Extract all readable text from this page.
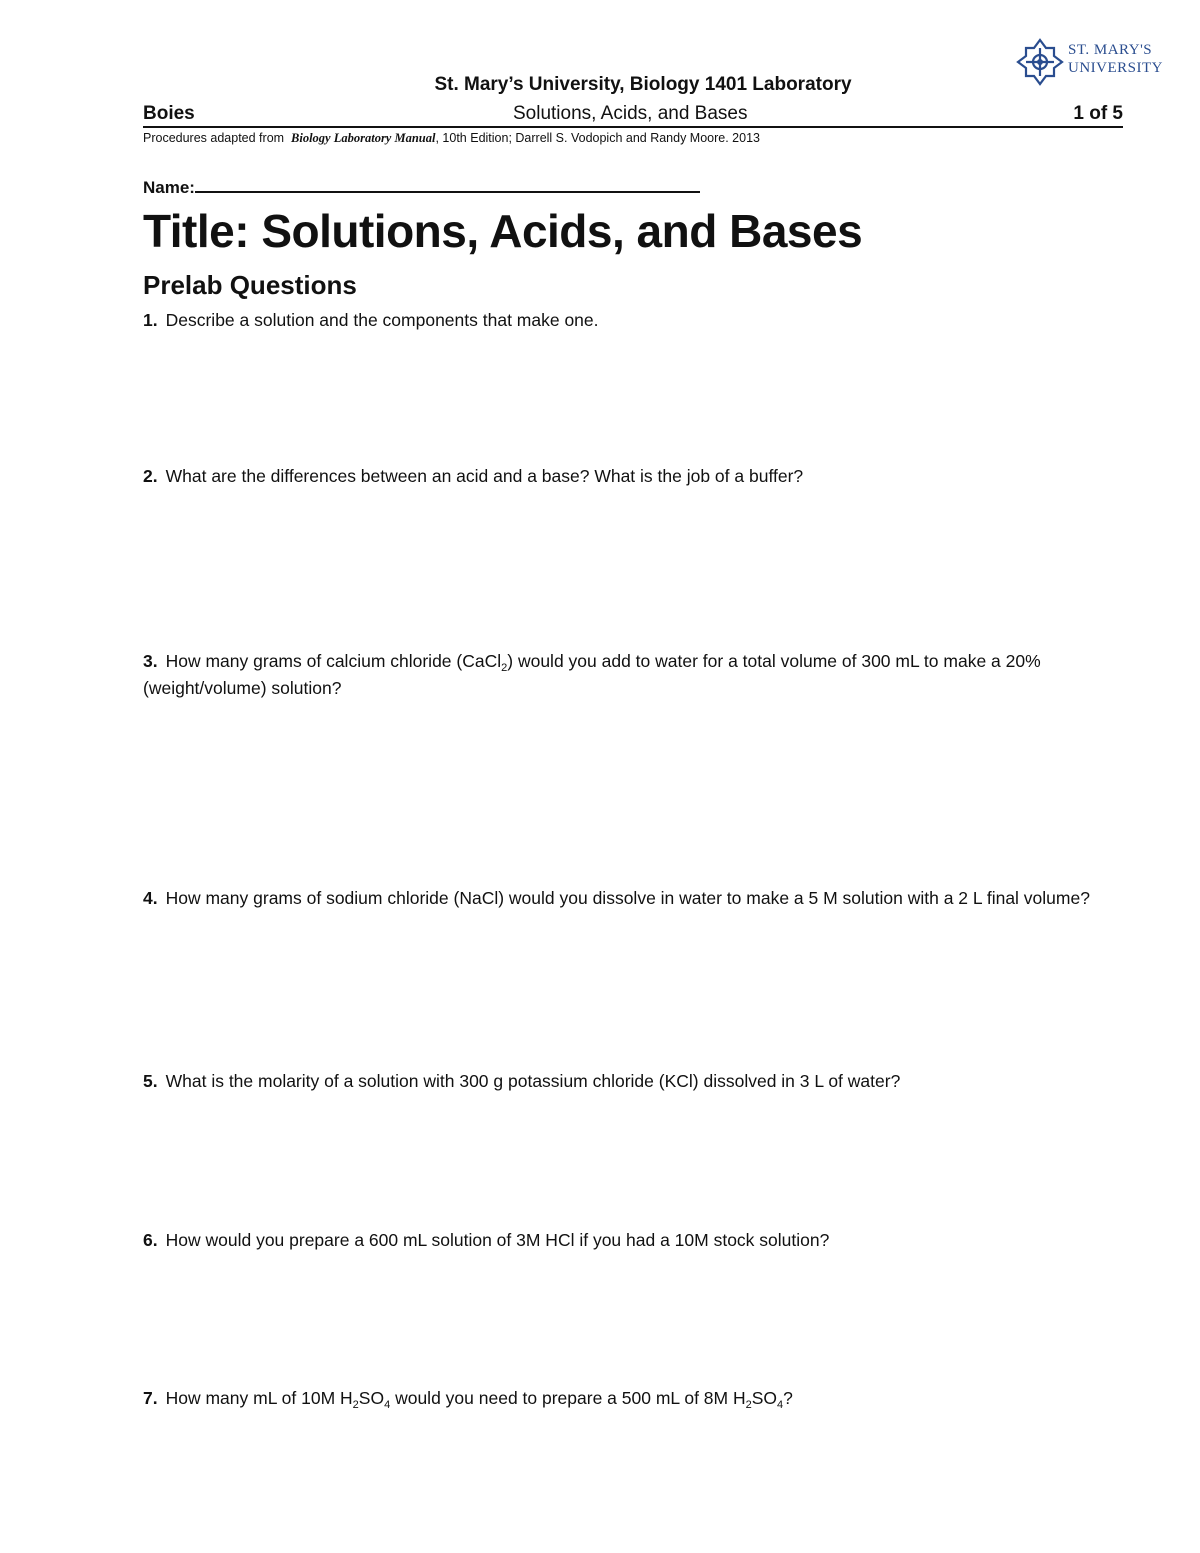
ST. MARY'S
UNIVERSITY
St. Mary’s University, Biology 1401 Laboratory
Boies	Solutions, Acids, and Bases	1 of 5
Procedures adapted from Biology Laboratory Manual, 10th Edition; Darrell S. Vodopich and Randy Moore. 2013
Name:
Title: Solutions, Acids, and Bases
Prelab Questions
1. Describe a solution and the components that make one.
2. What are the differences between an acid and a base? What is the job of a buffer?
3. How many grams of calcium chloride (CaCl$_2$) would you add to water for a total volume of 300 mL to make a 20% (weight/volume) solution?
4. How many grams of sodium chloride (NaCl) would you dissolve in water to make a 5 M solution with a 2 L final volume?
5. What is the molarity of a solution with 300 g potassium chloride (KCl) dissolved in 3 L of water?
6. How would you prepare a 600 mL solution of 3M HCl if you had a 10M stock solution?
7. How many mL of 10M $H_2SO_4$ would you need to prepare a 500 mL of 8M $H_2SO_4$?
